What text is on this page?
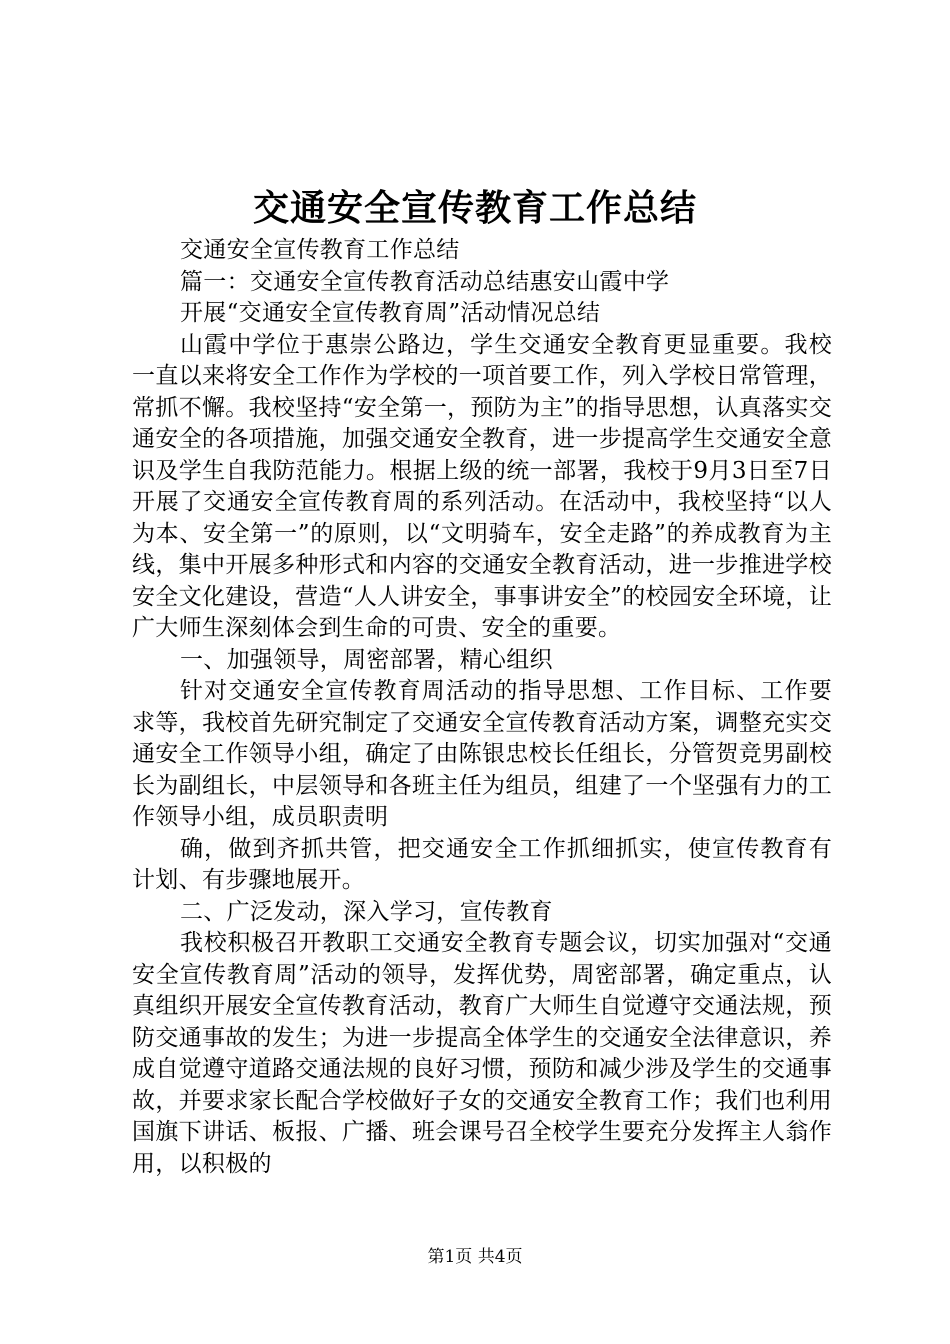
交通安全宣传教育工作总结

交通安全宣传教育工作总结

篇一：交通安全宣传教育活动总结惠安山霞中学

开展“交通安全宣传教育周”活动情况总结

山霞中学位于惠崇公路边，学生交通安全教育更显重要。我校一直以来将安全工作作为学校的一项首要工作，列入学校日常管理，常抓不懈。我校坚持“安全第一，预防为主”的指导思想，认真落实交通安全的各项措施，加强交通安全教育，进一步提高学生交通安全意识及学生自我防范能力。根据上级的统一部署，我校于9月3日至7日开展了交通安全宣传教育周的系列活动。在活动中，我校坚持“以人为本、安全第一”的原则，以“文明骑车，安全走路”的养成教育为主线，集中开展多种形式和内容的交通安全教育活动，进一步推进学校安全文化建设，营造“人人讲安全，事事讲安全”的校园安全环境，让广大师生深刻体会到生命的可贵、安全的重要。

一、加强领导，周密部署，精心组织

针对交通安全宣传教育周活动的指导思想、工作目标、工作要求等，我校首先研究制定了交通安全宣传教育活动方案，调整充实交通安全工作领导小组，确定了由陈银忠校长任组长，分管贺竞男副校长为副组长，中层领导和各班主任为组员，组建了一个坚强有力的工作领导小组，成员职责明

确，做到齐抓共管，把交通安全工作抓细抓实，使宣传教育有计划、有步骤地展开。

二、广泛发动，深入学习，宣传教育

我校积极召开教职工交通安全教育专题会议，切实加强对“交通安全宣传教育周”活动的领导，发挥优势，周密部署，确定重点，认真组织开展安全宣传教育活动，教育广大师生自觉遵守交通法规，预防交通事故的发生；为进一步提高全体学生的交通安全法律意识，养成自觉遵守道路交通法规的良好习惯，预防和减少涉及学生的交通事故，并要求家长配合学校做好子女的交通安全教育工作；我们也利用国旗下讲话、板报、广播、班会课号召全校学生要充分发挥主人翁作用，以积极的

第1页 共4页
